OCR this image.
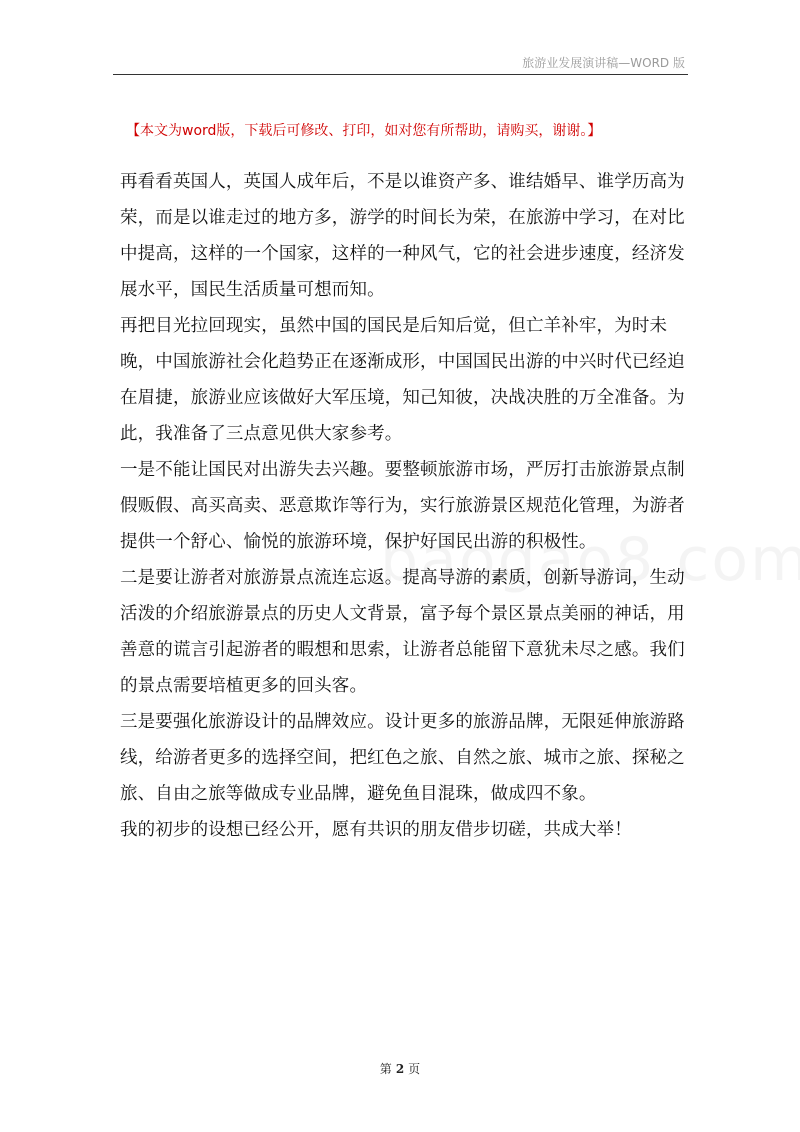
旅游业发展演讲稿—WORD 版
【本文为word版，下载后可修改、打印，如对您有所帮助，请购买，谢谢。】

再看看英国人，英国人成年后，不是以谁资产多、谁结婚早、谁学历高为荣，而是以谁走过的地方多，游学的时间长为荣，在旅游中学习，在对比中提高，这样的一个国家，这样的一种风气，它的社会进步速度，经济发展水平，国民生活质量可想而知。

再把目光拉回现实，虽然中国的国民是后知后觉，但亡羊补牢，为时未晚，中国旅游社会化趋势正在逐渐成形，中国国民出游的中兴时代已经迫在眉捷，旅游业应该做好大军压境，知己知彼，决战决胜的万全准备。为此，我准备了三点意见供大家参考。

一是不能让国民对出游失去兴趣。要整顿旅游市场，严厉打击旅游景点制假贩假、高买高卖、恶意欺诈等行为，实行旅游景区规范化管理，为游者提供一个舒心、愉悦的旅游环境，保护好国民出游的积极性。

二是要让游者对旅游景点流连忘返。提高导游的素质，创新导游词，生动活泼的介绍旅游景点的历史人文背景，富予每个景区景点美丽的神话，用善意的谎言引起游者的暇想和思索，让游者总能留下意犹未尽之感。我们的景点需要培植更多的回头客。

三是要强化旅游设计的品牌效应。设计更多的旅游品牌，无限延伸旅游路线，给游者更多的选择空间，把红色之旅、自然之旅、城市之旅、探秘之旅、自由之旅等做成专业品牌，避免鱼目混珠，做成四不象。

我的初步的设想已经公开，愿有共识的朋友借步切磋，共成大举！

第 2 页
